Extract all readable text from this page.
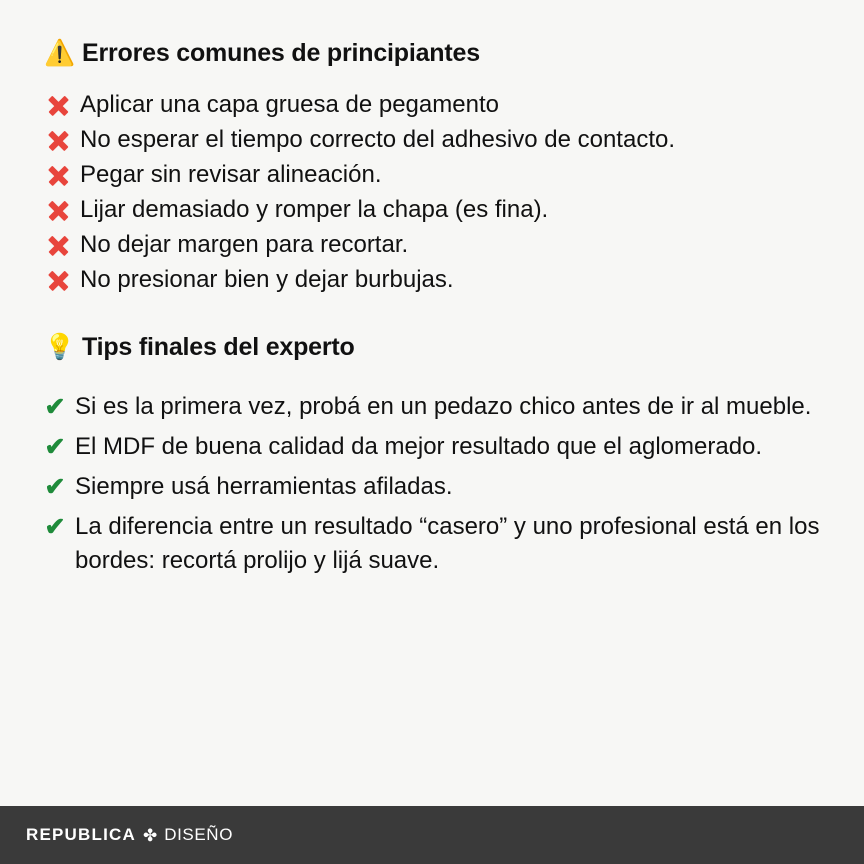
⚠️ Errores comunes de principiantes
Aplicar una capa gruesa de pegamento
No esperar el tiempo correcto del adhesivo de contacto.
Pegar sin revisar alineación.
Lijar demasiado y romper la chapa (es fina).
No dejar margen para recortar.
No presionar bien y dejar burbujas.
💡 Tips finales del experto
✔ Si es la primera vez, probá en un pedazo chico antes de ir al mueble.
✔ El MDF de buena calidad da mejor resultado que el aglomerado.
✔ Siempre usá herramientas afiladas.
✔ La diferencia entre un resultado “casero” y uno profesional está en los bordes: recortá prolijo y lijá suave.
REPUBLICA ✤ DISEÑO
